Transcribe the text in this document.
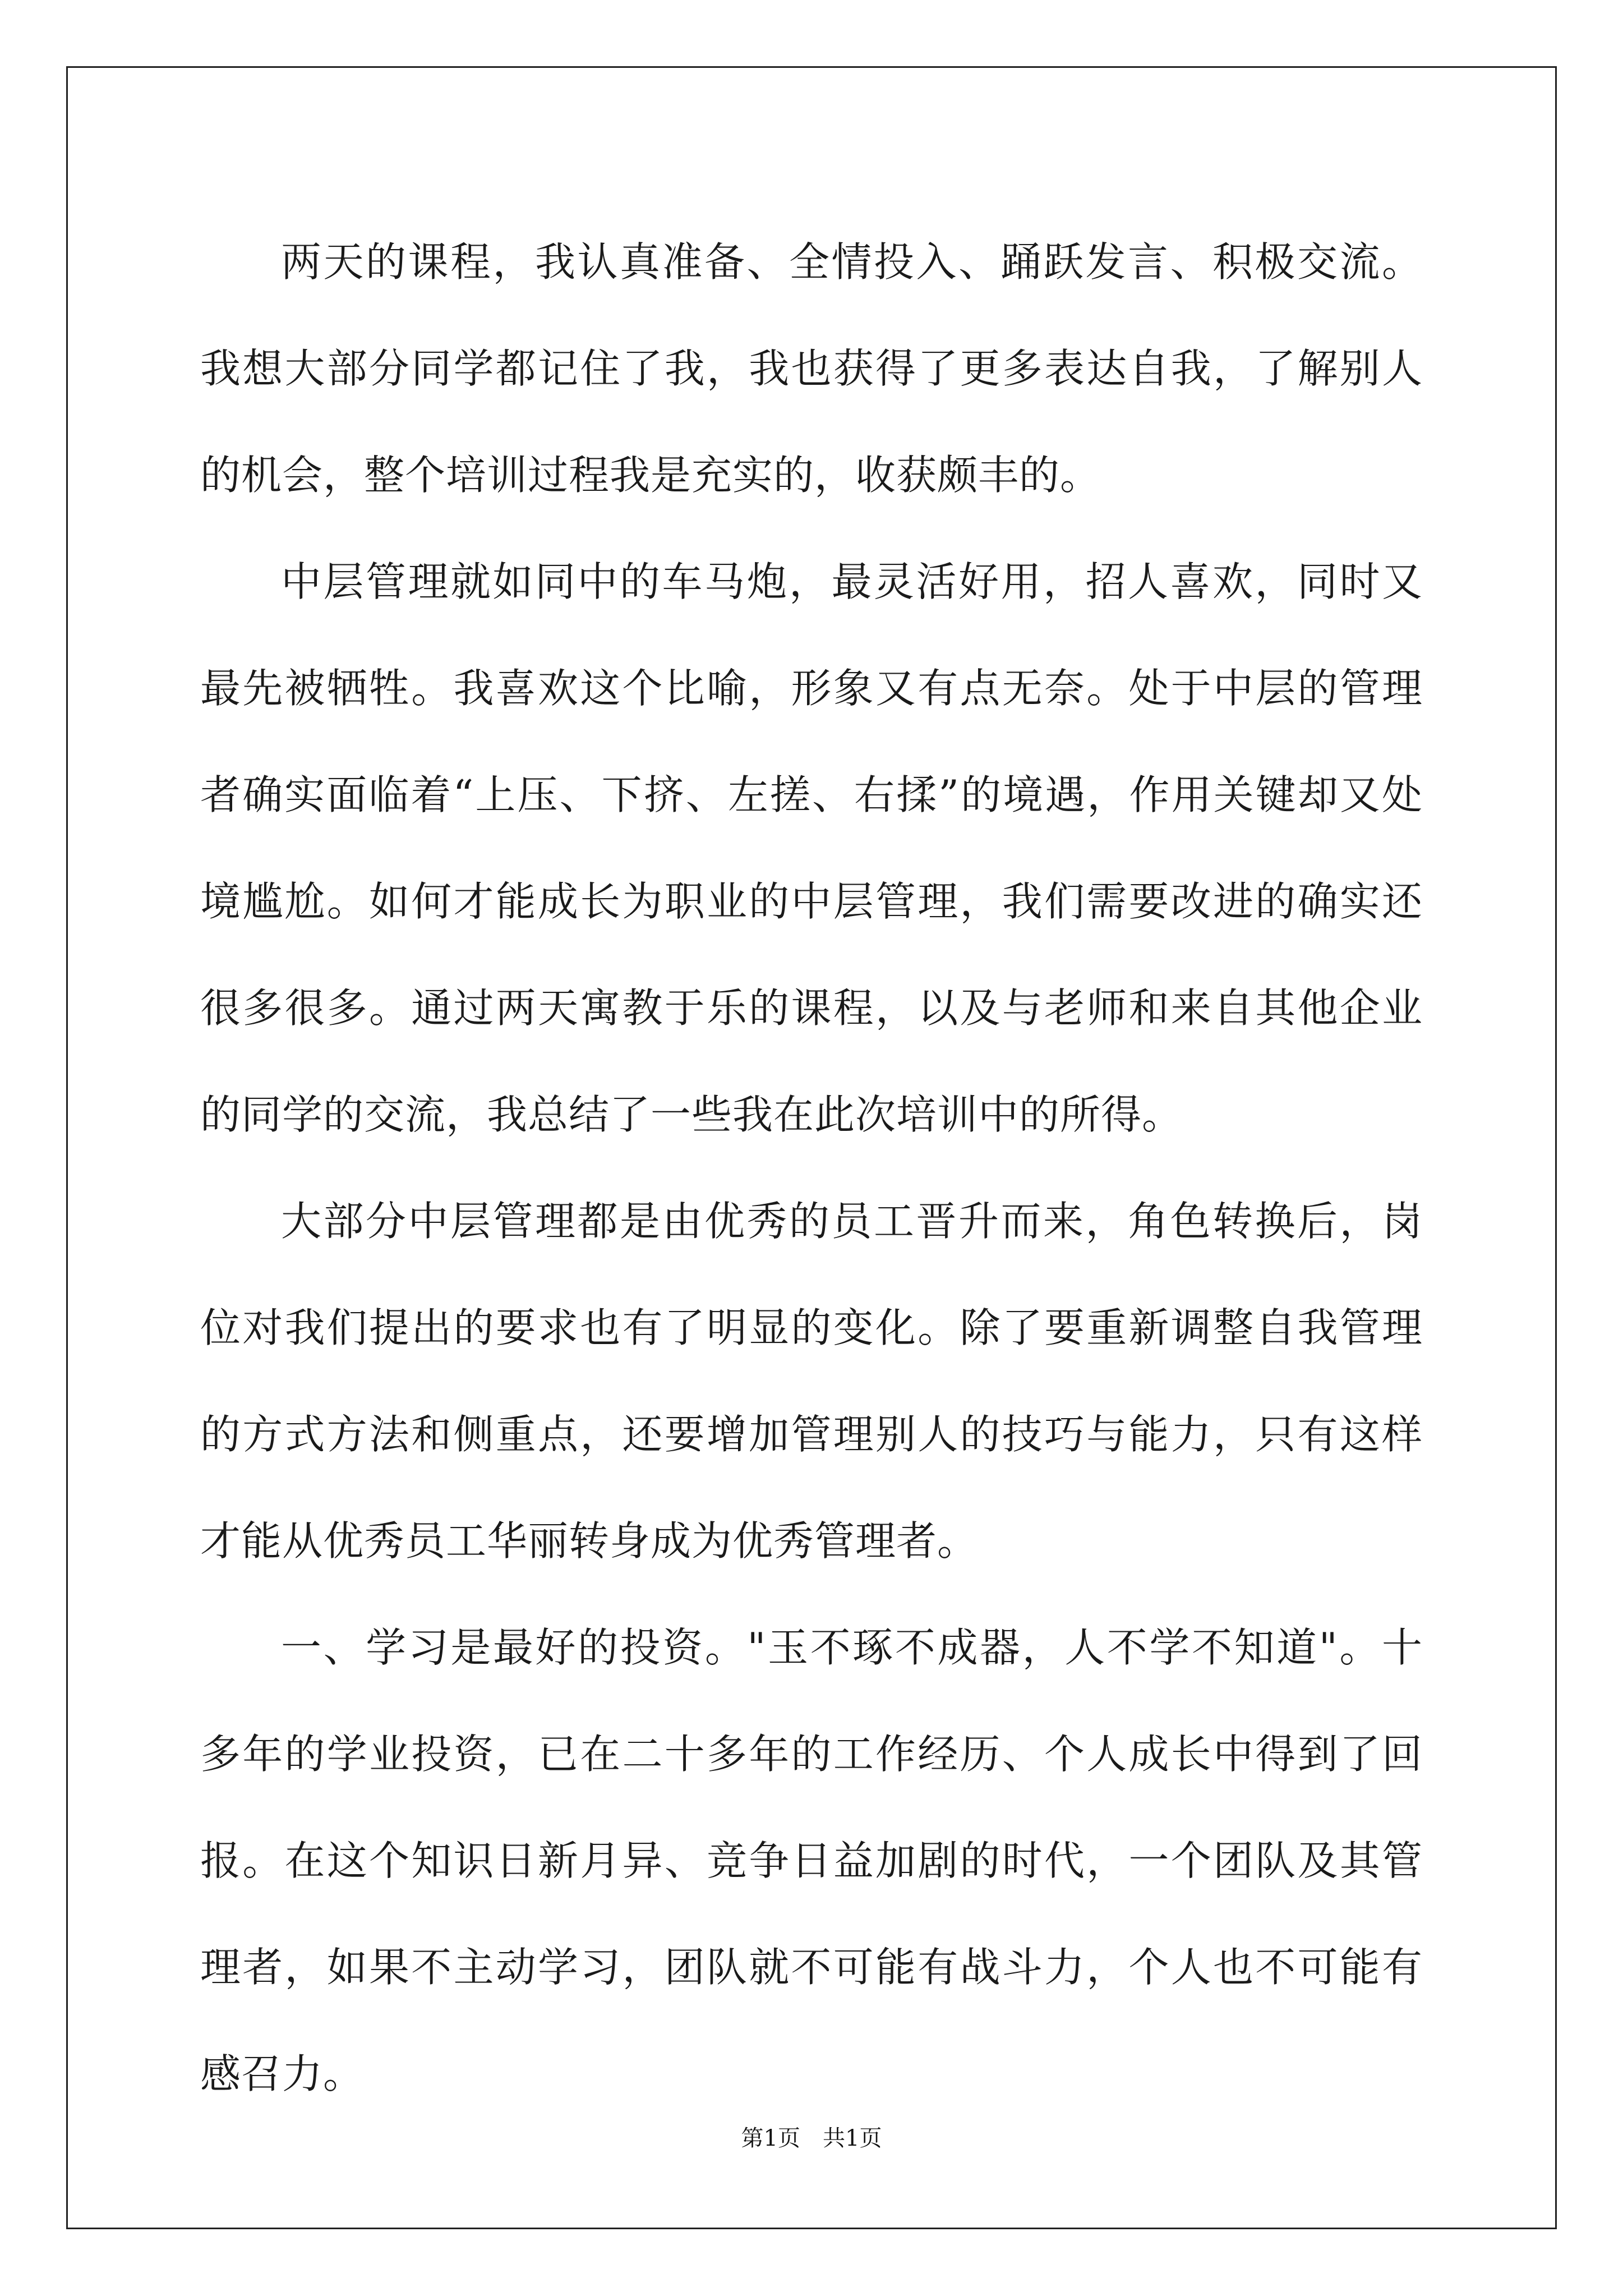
两天的课程，我认真准备、全情投入、踊跃发言、积极交流。我想大部分同学都记住了我，我也获得了更多表达自我，了解别人的机会，整个培训过程我是充实的，收获颇丰的。

中层管理就如同中的车马炮，最灵活好用，招人喜欢，同时又最先被牺牲。我喜欢这个比喻，形象又有点无奈。处于中层的管理者确实面临着“上压、下挤、左搓、右揉”的境遇，作用关键却又处境尴尬。如何才能成长为职业的中层管理，我们需要改进的确实还很多很多。通过两天寓教于乐的课程，以及与老师和来自其他企业的同学的交流，我总结了一些我在此次培训中的所得。

大部分中层管理都是由优秀的员工晋升而来，角色转换后，岗位对我们提出的要求也有了明显的变化。除了要重新调整自我管理的方式方法和侧重点，还要增加管理别人的技巧与能力，只有这样才能从优秀员工华丽转身成为优秀管理者。

一、学习是最好的投资。"玉不琢不成器，人不学不知道"。十多年的学业投资，已在二十多年的工作经历、个人成长中得到了回报。在这个知识日新月异、竞争日益加剧的时代，一个团队及其管理者，如果不主动学习，团队就不可能有战斗力，个人也不可能有感召力。

第1页　共1页
